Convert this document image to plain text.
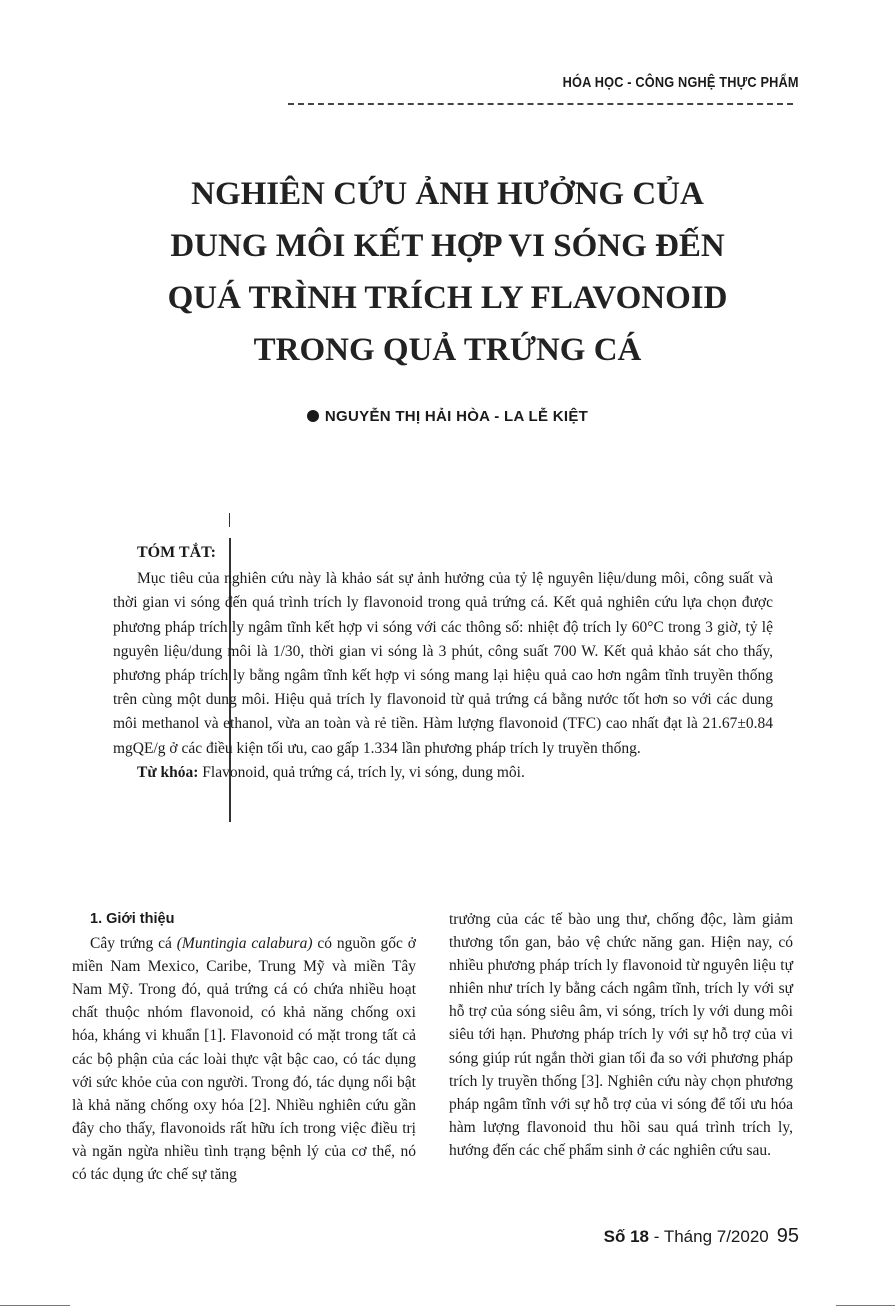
HÓA HỌC - CÔNG NGHỆ THỰC PHẨM
NGHIÊN CỨU ẢNH HƯỞNG CỦA
DUNG MÔI KẾT HỢP VI SÓNG ĐẾN
QUÁ TRÌNH TRÍCH LY FLAVONOID
TRONG QUẢ TRỨNG CÁ
NGUYỄN THỊ HẢI HÒA - LA LỄ KIỆT
TÓM TẮT:

Mục tiêu của nghiên cứu này là khảo sát sự ảnh hưởng của tỷ lệ nguyên liệu/dung môi, công suất và thời gian vi sóng đến quá trình trích ly flavonoid trong quả trứng cá. Kết quả nghiên cứu lựa chọn được phương pháp trích ly ngâm tĩnh kết hợp vi sóng với các thông số: nhiệt độ trích ly 60°C trong 3 giờ, tỷ lệ nguyên liệu/dung môi là 1/30, thời gian vi sóng là 3 phút, công suất 700 W. Kết quả khảo sát cho thấy, phương pháp trích ly bằng ngâm tĩnh kết hợp vi sóng mang lại hiệu quả cao hơn ngâm tĩnh truyền thống trên cùng một dung môi. Hiệu quả trích ly flavonoid từ quả trứng cá bằng nước tốt hơn so với các dung môi methanol và ethanol, vừa an toàn và rẻ tiền. Hàm lượng flavonoid (TFC) cao nhất đạt là 21.67±0.84 mgQE/g ở các điều kiện tối ưu, cao gấp 1.334 lần phương pháp trích ly truyền thống.

Từ khóa: Flavonoid, quả trứng cá, trích ly, vi sóng, dung môi.

1. Giới thiệu

Cây trứng cá (Muntingia calabura) có nguồn gốc ở miền Nam Mexico, Caribe, Trung Mỹ và miền Tây Nam Mỹ. Trong đó, quả trứng cá có chứa nhiều hoạt chất thuộc nhóm flavonoid, có khả năng chống oxi hóa, kháng vi khuẩn [1]. Flavonoid có mặt trong tất cả các bộ phận của các loài thực vật bậc cao, có tác dụng với sức khỏe của con người. Trong đó, tác dụng nổi bật là khả năng chống oxy hóa [2]. Nhiều nghiên cứu gần đây cho thấy, flavonoids rất hữu ích trong việc điều trị và ngăn ngừa nhiều tình trạng bệnh lý của cơ thể, nó có tác dụng ức chế sự tăng

trưởng của các tế bào ung thư, chống độc, làm giảm thương tổn gan, bảo vệ chức năng gan. Hiện nay, có nhiều phương pháp trích ly flavonoid từ nguyên liệu tự nhiên như trích ly bằng cách ngâm tĩnh, trích ly với sự hỗ trợ của sóng siêu âm, vi sóng, trích ly với dung môi siêu tới hạn. Phương pháp trích ly với sự hỗ trợ của vi sóng giúp rút ngắn thời gian tối đa so với phương pháp trích ly truyền thống [3]. Nghiên cứu này chọn phương pháp ngâm tĩnh với sự hỗ trợ của vi sóng để tối ưu hóa hàm lượng flavonoid thu hồi sau quá trình trích ly, hướng đến các chế phẩm sinh ở các nghiên cứu sau.

Số 18 - Tháng 7/2020 95
